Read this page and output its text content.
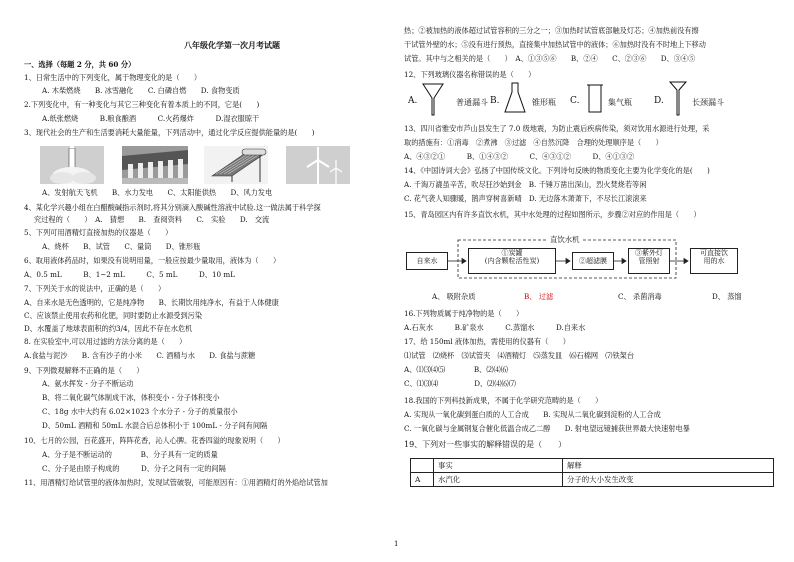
八年级化学第一次月考试题
一、选择（每题 2 分，共 60 分）
1、日常生活中的下列变化，属于物理变化的是（　　）
A. 木柴燃烧　　B. 冰雪融化　　C. 白磷自燃　　D. 食物变质
2.下列变化中，有一种变化与其它三种变化有着本质上的不同，它是(　　)
A.纸张燃烧　　　B.粮食酿酒　　　C.火药爆炸　　　D.湿衣服晾干
3、现代社会的生产和生活要消耗大量能量，下列活动中，通过化学反应提供能量的是(　　)
A、发射航天飞机　　B、水力发电　　C、太阳能供热　　D、风力发电
4、某化学兴趣小组在白醋酸碱指示剂时,将其分别滴入酸碱性溶液中试验.这一做法属于科学探
究过程的（　　）　A.　猜想　　B.　查阅资料　　C.　实验　　D.　交流
5、下列可用酒精灯直接加热的仪器是（　　）
A、烧杯　　B、试管　　C、量筒　　D、锥形瓶
6、取用液体药品时，如果没有说明用量，一般应按最少量取用，液体为（　　）
A、0.5 mL　　　B、1~2 mL　　　C、5 mL　　　D、10 mL
7、下列关于水的说法中，正确的是（　　）
A、自来水是无色透明的，它是纯净物　　B、长期饮用纯净水，有益于人体健康
C、应该禁止使用农药和化肥，同时要防止水源受到污染
D、水覆盖了地球表面积的约3/4，因此不存在水危机
8. 在实验室中,可以用过滤的方法分离的是（　　）
A.食盐与泥沙　　B. 含有沙子的小米　　C. 酒精与水　　D. 食盐与蔗糖
9、下列微观解释不正确的是（　　）
A、氨水挥发 - 分子不断运动
B、将二氧化碳气体制成干冰，体积变小 - 分子体积变小
C、18g 水中大约有 6.02×1023 个水分子 - 分子的质量很小
D、50mL 酒精和 50mL 水混合后总体积小于 100mL - 分子间有间隔
10、七月的公园，百花盛开，阵阵花香，沁人心脾。花香四溢的现象说明（　　）
A、分子是不断运动的　　　　B、分子具有一定的质量
C、分子是由原子构成的　　　D、分子之间有一定的间隔
11、用酒精灯给试管里的液体加热时，发现试管破裂，可能原因有：①用酒精灯的外焰给试管加
热；②被加热的液体超过试管容积的三分之一；③加热时试管底部触及灯芯；④加热前没有擦
干试管外壁的水；⑤没有进行预热，直接集中加热试管中的液体；⑥加热时没有不时地上下移动
试管。其中与之相关的是（　　）　A、①③⑤⑥　　B、②④　　C、②③⑥　　D、③④⑤
12、下列玻璃仪器名称错误的是（　　）
A.	普通漏斗 B.	锥形瓶 C.	集气瓶 D.	长颈漏斗
13、四川省雅安市芦山县发生了 7.0 级地震，为防止震后疾病传染，须对饮用水源进行处理，采
取的措施有：①消毒　②煮沸　③过滤　④自然沉降　合理的处理顺序是（　　）
A、④③②①　　　B、①④③②　　　C、④③①②　　　D、④①③②
14、《中国诗词大会》弘扬了中国传统文化。下列诗句反映的物质变化主要为化学变化的是(　　)
A. 千淘万漉虽辛苦，吹尽狂沙始到金　B. 千锤万凿出深山，烈火焚烧若等闲
C. 花气袭人知骤暖，鹊声穿树喜新晴　D. 无边落木萧萧下，不尽长江滚滚来
15、青岛园区内有许多直饮水机，其中水处理的过程如图所示，步骤②对应的作用是（　　）
自来水
直饮水机
①炭罐
(内含颗粒活性炭)	②超滤膜
③紫外灯
管照射
可直接饮
用的水
A、 吸附杂质	B、 过滤	C、 杀菌消毒	D、 蒸馏
16.下列物质属于纯净物的是（　　）
A.石灰水　　　B.矿泉水　　　C.蒸馏水　　　D.自来水
17、给 150ml 液体加热，需使用的仪器有（　　）
⑴试管　⑵烧杯　⑶试管夹　⑷酒精灯　⑸蒸发皿　⑹石棉网　⑺铁架台
A、⑴⑶⑷⑸　　　　B、⑵⑷⑹
C、⑴⑶⑷　　　　　D、⑵⑷⑹⑺
18.我国的下列科技新成果，不属于化学研究范畴的是（　　）
A. 实现从一氧化碳到蛋白质的人工合成　　B. 实现从二氧化碳到淀粉的人工合成
C. 一氧化碳与金属钢复合催化低温合成乙二醇　　D. 射电望远镜捕获世界最大快速射电暴
19、下列对一些事实的解释错误的是（　　）
	事实	解释
A	水汽化	分子的大小发生改变
1
